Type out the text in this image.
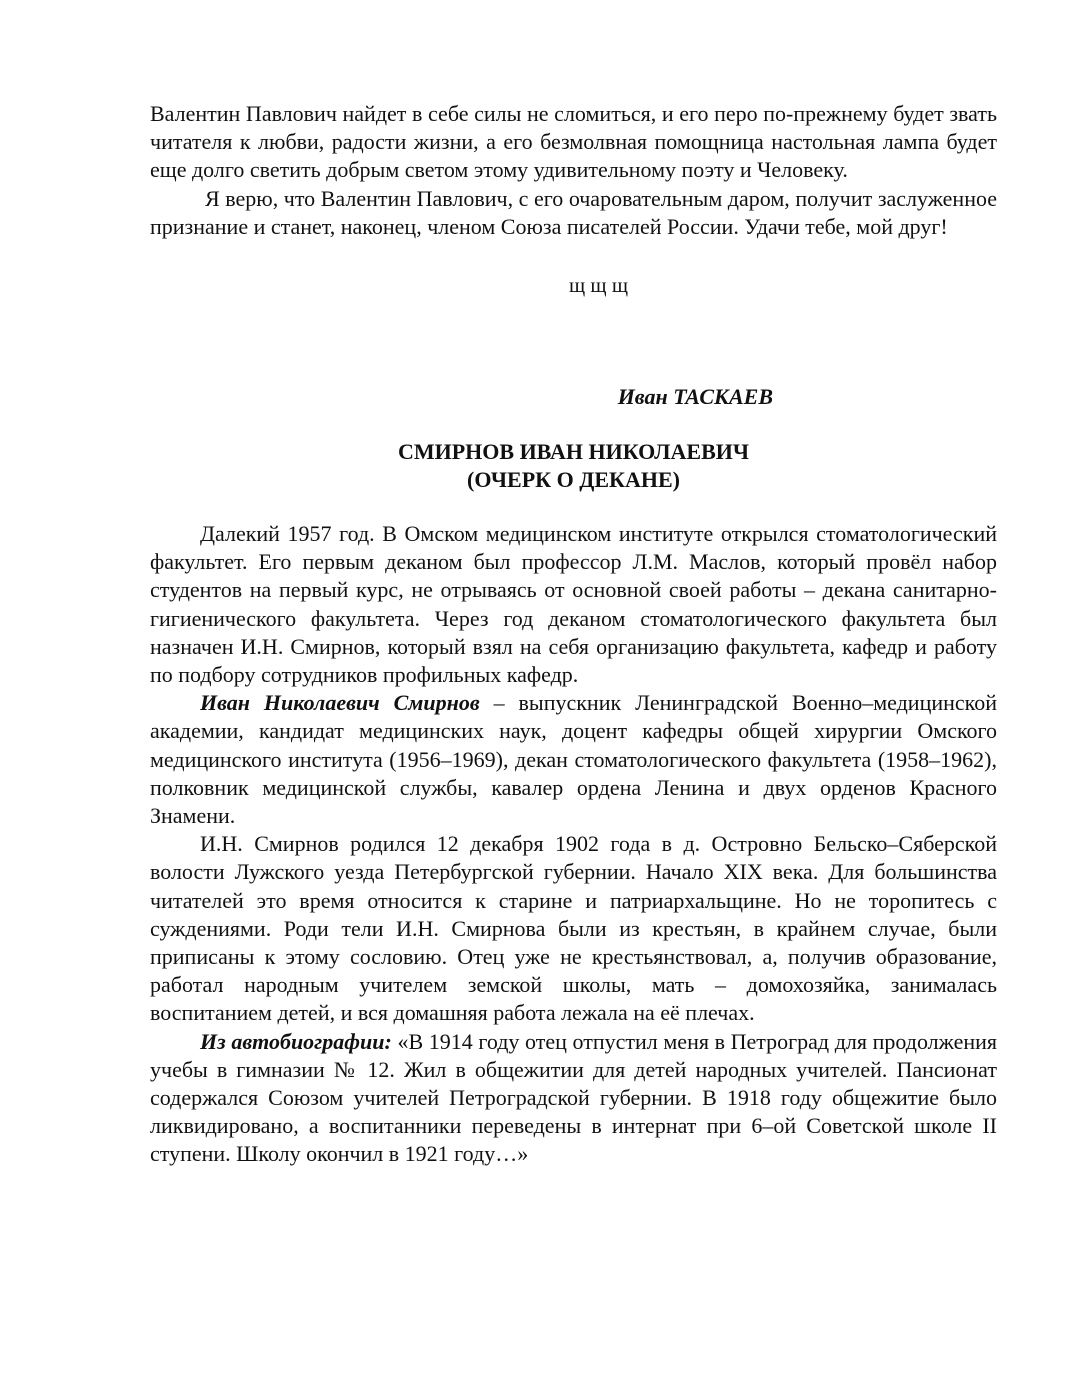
Валентин Павлович найдет в себе силы не сломиться, и его перо по-прежнему будет звать читателя к любви, радости жизни, а его безмолвная помощница настольная лампа будет еще долго светить добрым светом этому удивительному поэту и Человеку.

Я верю, что Валентин Павлович, с его очаровательным даром, получит заслуженное признание и станет, наконец, членом Союза писателей России. Удачи тебе, мой друг!

щ щ щ
Иван ТАСКАЕВ
СМИРНОВ ИВАН НИКОЛАЕВИЧ
(ОЧЕРК О ДЕКАНЕ)

Далекий 1957 год. В Омском медицинском институте открылся стоматологический факультет. Его первым деканом был профессор Л.М. Маслов, который провёл набор студентов на первый курс, не отрываясь от основной своей работы – декана санитарно-гигиенического факультета. Через год деканом стоматологического факультета был назначен И.Н. Смирнов, который взял на себя организацию факультета, кафедр и работу по подбору сотрудников профильных кафедр.

Иван Николаевич Смирнов – выпускник Ленинградской Военно–медицинской академии, кандидат медицинских наук, доцент кафедры общей хирургии Омского медицинского института (1956–1969), декан стоматологического факультета (1958–1962), полковник медицинской службы, кавалер ордена Ленина и двух орденов Красного Знамени.

И.Н. Смирнов родился 12 декабря 1902 года в д. Островно Бельско–Сяберской волости Лужского уезда Петербургской губернии. Начало XIX века. Для большинства читателей это время относится к старине и патриархальщине. Но не торопитесь с суждениями. Роди тели И.Н. Смирнова были из крестьян, в крайнем случае, были приписаны к этому сословию. Отец уже не крестьянствовал, а, получив образование, работал народным учителем земской школы, мать – домохозяйка, занималась воспитанием детей, и вся домашняя работа лежала на её плечах.

Из автобиографии: «В 1914 году отец отпустил меня в Петроград для продолжения учебы в гимназии № 12. Жил в общежитии для детей народных учителей. Пансионат содержался Союзом учителей Петроградской губернии. В 1918 году общежитие было ликвидировано, а воспитанники переведены в интернат при 6–ой Советской школе II ступени. Школу окончил в 1921 году…»
